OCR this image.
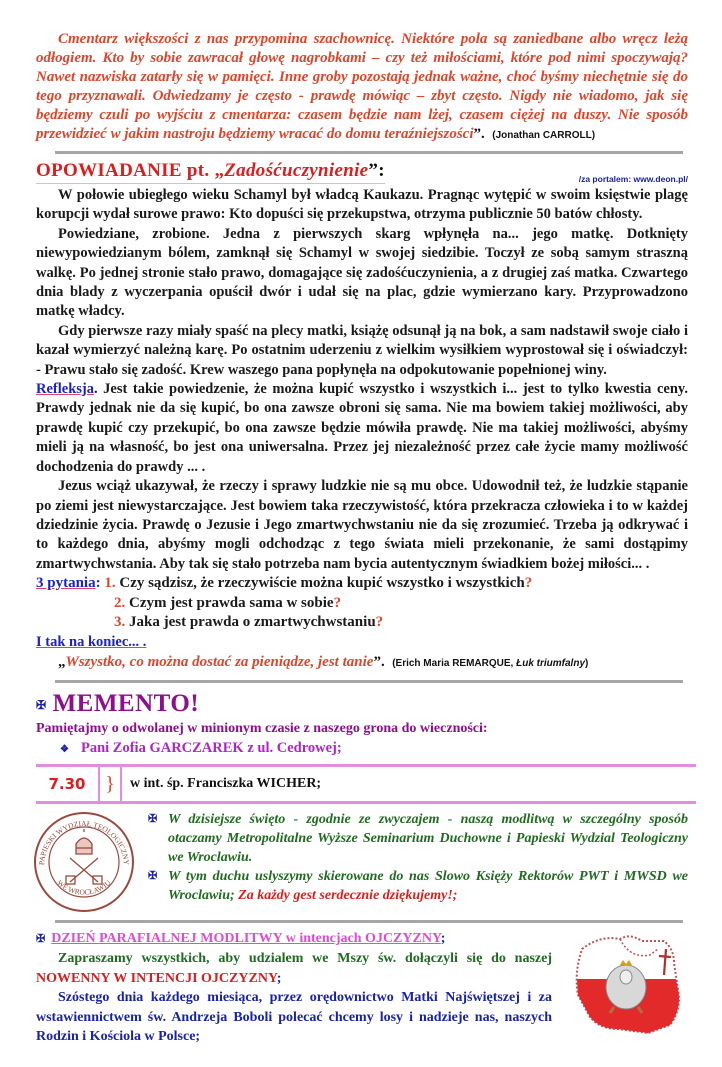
Cmentarz większości z nas przypomina szachownicę. Niektóre pola są zaniedbane albo wręcz leżą odłogiem. Kto by sobie zawracał głowę nagrobkami – czy też miłościami, które pod nimi spoczywają? Nawet nazwiska zatarły się w pamięci. Inne groby pozostają jednak ważne, choć byśmy niechętnie się do tego przyznawali. Odwiedzamy je często - prawdę mówiąc – zbyt często. Nigdy nie wiadomo, jak się będziemy czuli po wyjściu z cmentarza: czasem będzie nam lżej, czasem ciężej na duszy. Nie sposób przewidzieć w jakim nastroju będziemy wracać do domu teraźniejszości”. (Jonathan CARROLL)

OPOWIADANIE pt. „Zadośćuczynienie”:	/za portalem: www.deon.pl/

W połowie ubiegłego wieku Schamyl był władcą Kaukazu. Pragnąc wytępić w swoim księstwie plagę korupcji wydał surowe prawo: Kto dopuści się przekupstwa, otrzyma publicznie 50 batów chłosty.

Powiedziane, zrobione. Jedna z pierwszych skarg wpłynęła na... jego matkę. Dotknięty niewypowiedzianym bólem, zamknął się Schamyl w swojej siedzibie. Toczył ze sobą samym straszną walkę. Po jednej stronie stało prawo, domagające się zadośćuczynienia, a z drugiej zaś matka. Czwartego dnia blady z wyczerpania opuścił dwór i udał się na plac, gdzie wymierzano kary. Przyprowadzono matkę władcy.

Gdy pierwsze razy miały spaść na plecy matki, książę odsunął ją na bok, a sam nadstawił swoje ciało i kazał wymierzyć należną karę. Po ostatnim uderzeniu z wielkim wysiłkiem wyprostował się i oświadczył: - Prawu stało się zadość. Krew waszego pana popłynęła na odpokutowanie popełnionej winy.

Refleksja. Jest takie powiedzenie, że można kupić wszystko i wszystkich i... jest to tylko kwestia ceny. Prawdy jednak nie da się kupić, bo ona zawsze obroni się sama. Nie ma bowiem takiej możliwości, aby prawdę kupić czy przekupić, bo ona zawsze będzie mówiła prawdę. Nie ma takiej możliwości, abyśmy mieli ją na własność, bo jest ona uniwersalna. Przez jej niezależność przez całe życie mamy możliwość dochodzenia do prawdy ... .

Jezus wciąż ukazywał, że rzeczy i sprawy ludzkie nie są mu obce. Udowodnił też, że ludzkie stąpanie po ziemi jest niewystarczające. Jest bowiem taka rzeczywistość, która przekracza człowieka i to w każdej dziedzinie życia. Prawdę o Jezusie i Jego zmartwychwstaniu nie da się zrozumieć. Trzeba ją odkrywać i to każdego dnia, abyśmy mogli odchodząc z tego świata mieli przekonanie, że sami dostąpimy zmartwychwstania. Aby tak się stało potrzeba nam bycia autentycznym świadkiem bożej miłości... .

3 pytania: 1. Czy sądzisz, że rzeczywiście można kupić wszystko i wszystkich?

2. Czym jest prawda sama w sobie?

3. Jaka jest prawda o zmartwychwstaniu?

I tak na koniec... .

„Wszystko, co można dostać za pieniądze, jest tanie”. (Erich Maria REMARQUE, Łuk triumfalny)
✠ MEMENTO!
Pamiętajmy o odwolanej w minionym czasie z naszego grona do wieczności:
❖ Pani Zofia GARCZAREK z ul. Cedrowej;
7.30 }	w int. śp. Franciszka WICHER;
PAPIESKI WYDZIAŁ TEOLOGICZNY
WE WROCŁAWIU

✠ W dzisiejsze święto - zgodnie ze zwyczajem - naszą modlitwą w szczególny sposób otaczamy Metropolitalne Wyższe Seminarium Duchowne i Papieski Wydzial Teologiczny we Wroclawiu.

✠ W tym duchu uslyszymy skierowane do nas Slowo Księży Rektorów PWT i MWSD we Wroclawiu; Za każdy gest serdecznie dziękujemy!;

✠ DZIEŃ PARAFIALNEJ MODLITWY w intencjach OJCZYZNY;

Zapraszamy wszystkich, aby udzialem we Mszy św. dołączyli się do naszej NOWENNY W INTENCJI OJCZYZNY;

Szóstego dnia każdego miesiąca, przez orędownictwo Matki Najświętszej i za wstawiennictwem św. Andrzeja Boboli polecać chcemy losy i nadzieje nas, naszych Rodzin i Kościola w Polsce;
